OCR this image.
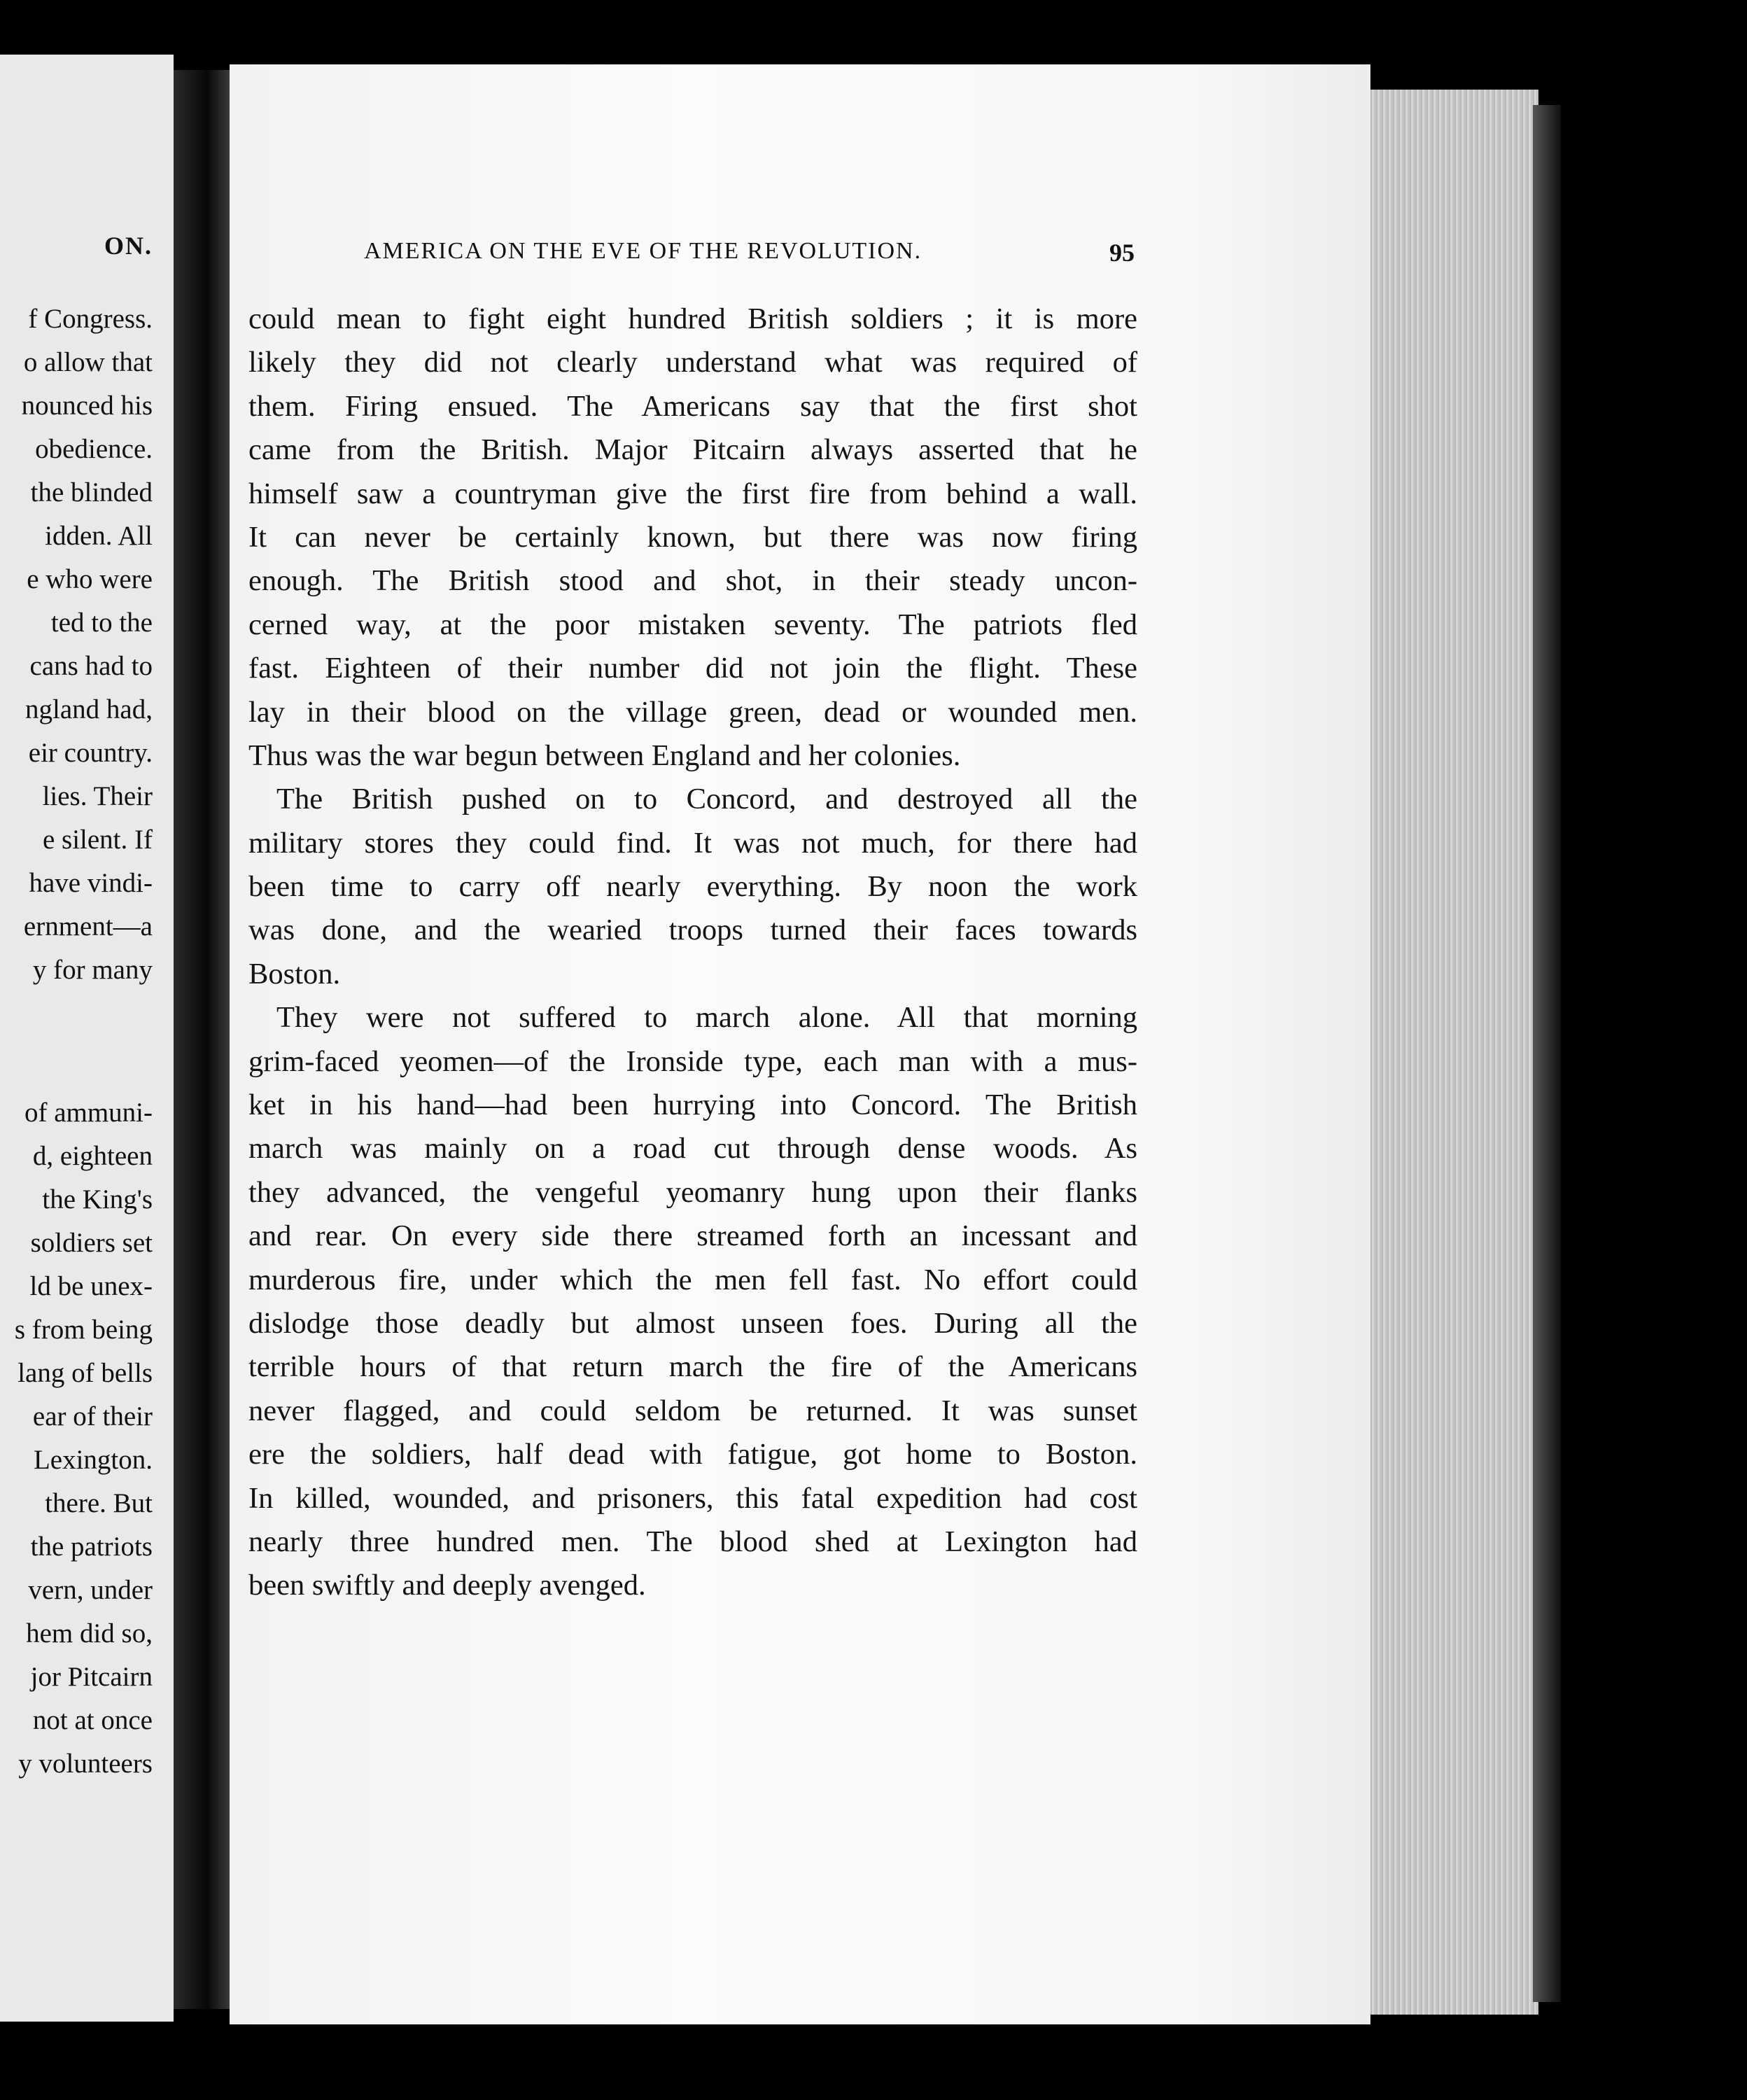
ON.
f Congress.
o allow that
nounced his
obedience.
the blinded
idden. All
e who were
ted to the
cans had to
ngland had,
eir country.
lies. Their
e silent. If
have vindi-
ernment—a
y for many
of ammuni-
d, eighteen
the King's
soldiers set
ld be unex-
s from being
lang of bells
ear of their
Lexington.
there. But
the patriots
vern, under
hem did so,
jor Pitcairn
not at once
y volunteers
AMERICA ON THE EVE OF THE REVOLUTION.	95
could mean to fight eight hundred British soldiers ; it is more
likely they did not clearly understand what was required of
them. Firing ensued. The Americans say that the first shot
came from the British. Major Pitcairn always asserted that he
himself saw a countryman give the first fire from behind a wall.
It can never be certainly known, but there was now firing
enough. The British stood and shot, in their steady uncon-
cerned way, at the poor mistaken seventy. The patriots fled
fast. Eighteen of their number did not join the flight. These
lay in their blood on the village green, dead or wounded men.
Thus was the war begun between England and her colonies.
The British pushed on to Concord, and destroyed all the
military stores they could find. It was not much, for there had
been time to carry off nearly everything. By noon the work
was done, and the wearied troops turned their faces towards
Boston.
They were not suffered to march alone. All that morning
grim-faced yeomen—of the Ironside type, each man with a mus-
ket in his hand—had been hurrying into Concord. The British
march was mainly on a road cut through dense woods. As
they advanced, the vengeful yeomanry hung upon their flanks
and rear. On every side there streamed forth an incessant and
murderous fire, under which the men fell fast. No effort could
dislodge those deadly but almost unseen foes. During all the
terrible hours of that return march the fire of the Americans
never flagged, and could seldom be returned. It was sunset
ere the soldiers, half dead with fatigue, got home to Boston.
In killed, wounded, and prisoners, this fatal expedition had cost
nearly three hundred men. The blood shed at Lexington had
been swiftly and deeply avenged.
